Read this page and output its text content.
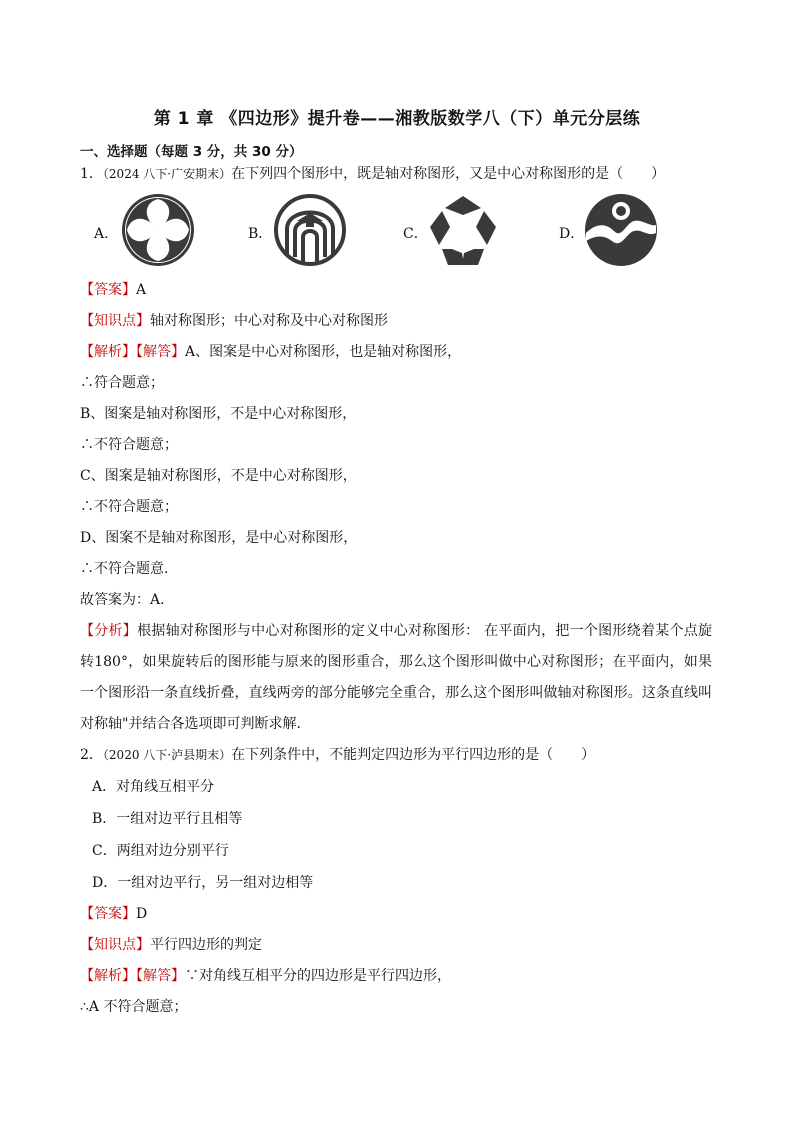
第 1 章 《四边形》提升卷——湘教版数学八（下）单元分层练
一、选择题（每题 3 分，共 30 分）
1．（2024 八下·广安期末）在下列四个图形中，既是轴对称图形，又是中心对称图形的是（　　）
A．	B．	C．	D．
【答案】A
【知识点】轴对称图形；中心对称及中心对称图形
【解析】【解答】A、图案是中心对称图形，也是轴对称图形，
∴符合题意；
B、图案是轴对称图形，不是中心对称图形，
∴不符合题意；
C、图案是轴对称图形，不是中心对称图形，
∴不符合题意；
D、图案不是轴对称图形，是中心对称图形，
∴不符合题意．
故答案为：A．
【分析】根据轴对称图形与中心对称图形的定义中心对称图形： 在平面内，把一个图形绕着某个点旋转180°，如果旋转后的图形能与原来的图形重合，那么这个图形叫做中心对称图形；在平面内，如果一个图形沿一条直线折叠，直线两旁的部分能够完全重合，那么这个图形叫做轴对称图形。这条直线叫对称轴"并结合各选项即可判断求解．
2．（2020 八下·泸县期末）在下列条件中，不能判定四边形为平行四边形的是（　　）
A．对角线互相平分
B．一组对边平行且相等
C．两组对边分别平行
D．一组对边平行，另一组对边相等
【答案】D
【知识点】平行四边形的判定
【解析】【解答】∵对角线互相平分的四边形是平行四边形，
∴A 不符合题意；
